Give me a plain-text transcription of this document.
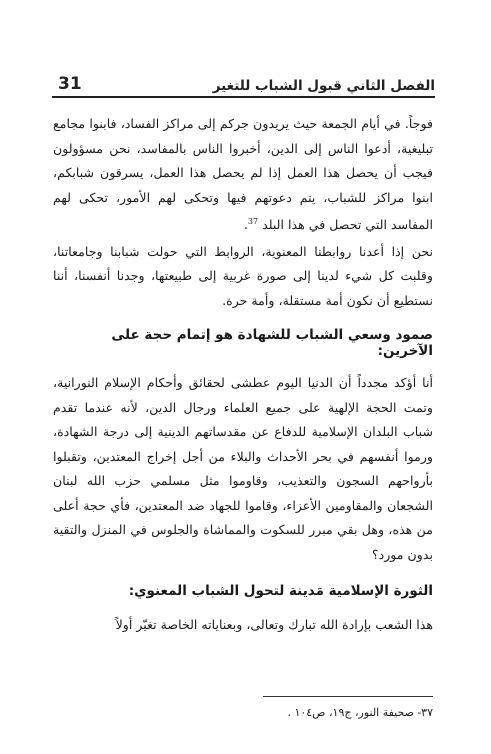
31	الفصل الثاني قبول الشباب للتغير

فوجاً. في أيام الجمعة حيث يريدون جركم إلى مراكز الفساد، فابنوا مجامع تبليغية، أدعوا الناس إلى الدين، أخبروا الناس بالمفاسد، نحن مسؤولون فيجب أن يحصل هذا العمل إذا لم يحصل هذا العمل، يسرقون شبابكم، ابنوا مراكز للشباب، يتم دعوتهم فيها وتحكى لهم الأمور، تحكى لهم المفاسد التي تحصل في هذا البلد $^{37}$.

نحن إذا أعدنا روابطنا المعنوية، الروابط التي حولت شبابنا وجامعاتنا، وقلبت كل شيء لدينا إلى صورة غربية إلى طبيعتها، وجدنا أنفسنا، أننا نستطيع أن نكون أمة مستقلة، وأمة حرة.

صمود وسعي الشباب للشهادة هو إتمام حجة على الآخرين:

أنا أؤكد مجدداً أن الدنيا اليوم عطشى لحقائق وأحكام الإسلام النورانية، وتمت الحجة الإلهية على جميع العلماء ورجال الدين، لأنه عندما تقدم شباب البلدان الإسلامية للدفاع عن مقدساتهم الدينية إلى درجة الشهادة، ورموا أنفسهم في بحر الأحداث والبلاء من أجل إخراج المعتدين، وتقبلوا بأرواحهم السجون والتعذيب، وقاوموا مثل مسلمي حزب الله لبنان الشجعان والمقاومين الأعزاء، وقاموا للجهاد ضد المعتدين، فأي حجة أعلى من هذه، وهل بقي مبرر للسكوت والمماشاة والجلوس في المنزل والتقية بدون مورد؟

الثورة الإسلامية مَدينة لتحول الشباب المعنوي:

هذا الشعب بإرادة الله تبارك وتعالى، وبعناياته الخاصة تغيّر أولاً

٣٧- صحيفة النور، ج١٩، ص١٠٤ .
